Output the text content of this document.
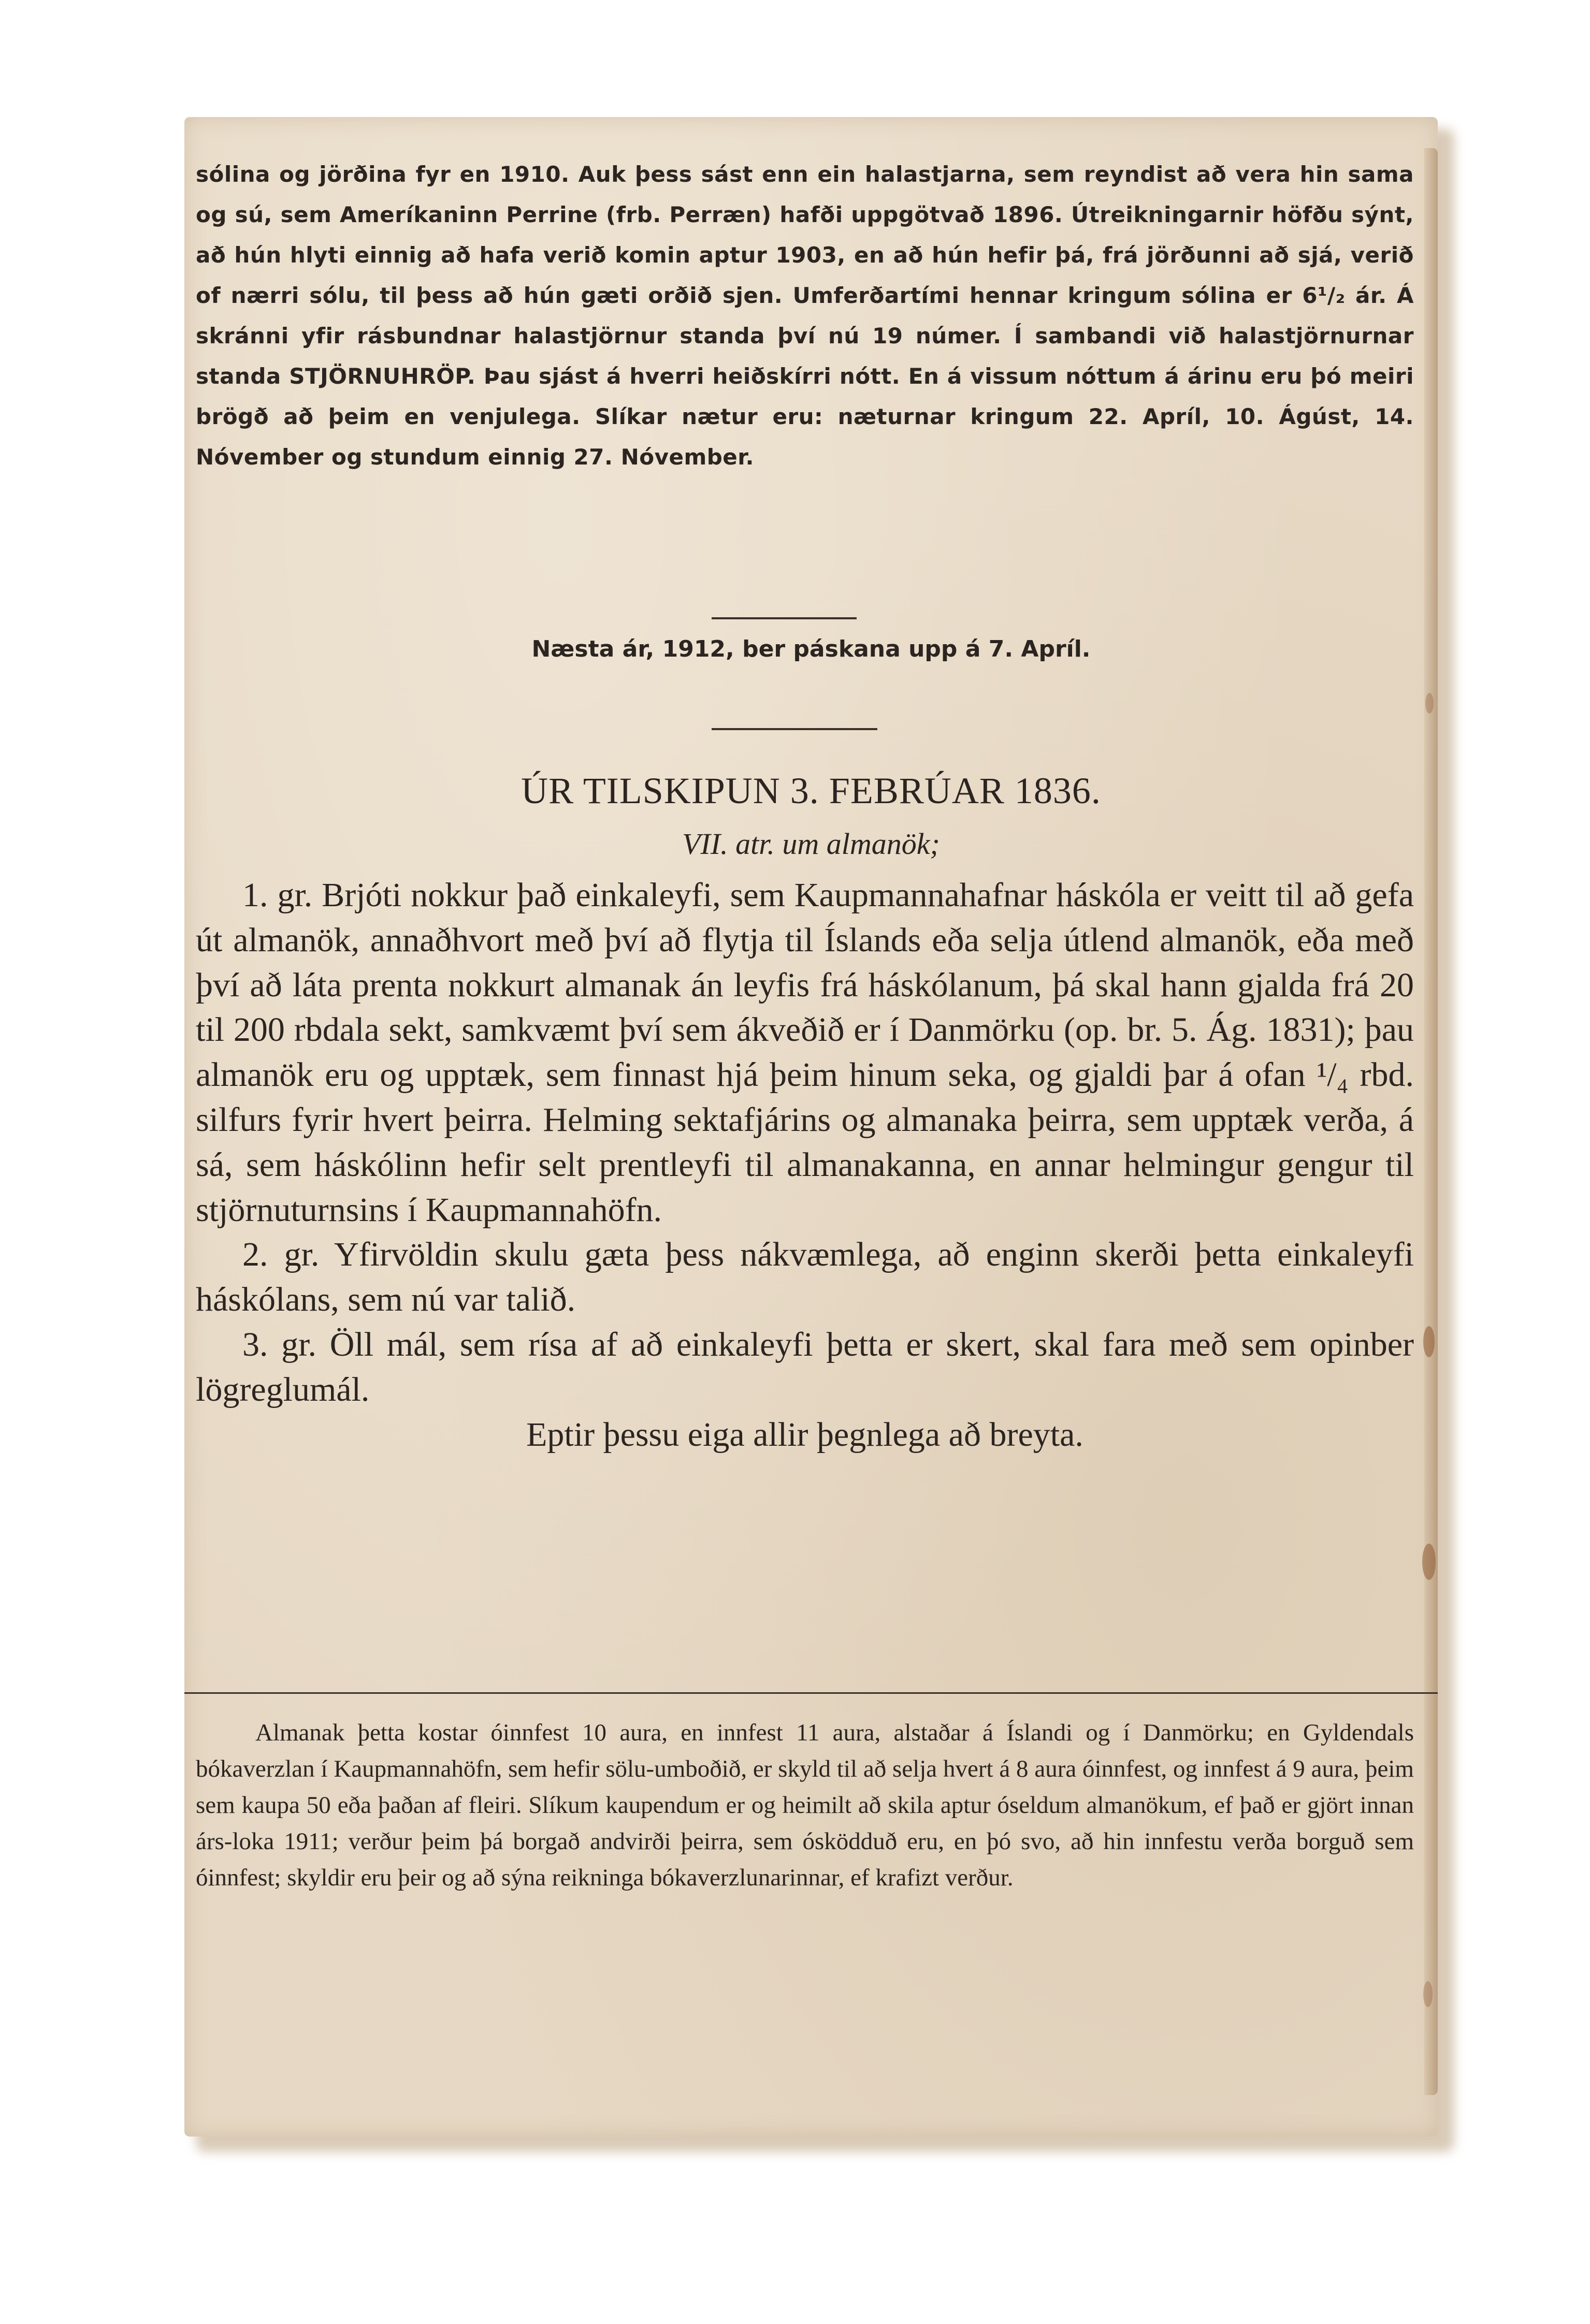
sólina og jörðina fyr en 1910. Auk þess sást enn ein halastjarna, sem reyndist að vera hin sama og sú, sem Ameríkaninn Perrine (frb. Perræn) hafði uppgötvað 1896. Útreikningarnir höfðu sýnt, að hún hlyti einnig að hafa verið komin aptur 1903, en að hún hefir þá, frá jörðunni að sjá, verið of nærri sólu, til þess að hún gæti orðið sjen. Umferðartími hennar kringum sólina er 6¹/₂ ár. Á skránni yfir rásbundnar halastjörnur standa því nú 19 númer. Í sambandi við halastjörnurnar standa STJÖRNUHRÖP. Þau sjást á hverri heiðskírri nótt. En á vissum nóttum á árinu eru þó meiri brögð að þeim en venjulega. Slíkar nætur eru: næturnar kringum 22. Apríl, 10. Ágúst, 14. Nóvember og stundum einnig 27. Nóvember.

Næsta ár, 1912, ber páskana upp á 7. Apríl.
ÚR TILSKIPUN 3. FEBRÚAR 1836.
VII. atr. um almanök;

1. gr. Brjóti nokkur það einkaleyfi, sem Kaupmannahafnar háskóla er veitt til að gefa út almanök, annaðhvort með því að flytja til Íslands eða selja útlend almanök, eða með því að láta prenta nokkurt almanak án leyfis frá háskólanum, þá skal hann gjalda frá 20 til 200 rbdala sekt, samkvæmt því sem ákveðið er í Danmörku (op. br. 5. Ág. 1831); þau almanök eru og upptæk, sem finnast hjá þeim hinum seka, og gjaldi þar á ofan ¹/₄ rbd. silfurs fyrir hvert þeirra. Helming sektafjárins og almanaka þeirra, sem upptæk verða, á sá, sem háskólinn hefir selt prentleyfi til almanakanna, en annar helmingur gengur til stjörnuturnsins í Kaupmannahöfn.

2. gr. Yfirvöldin skulu gæta þess nákvæmlega, að enginn skerði þetta einkaleyfi háskólans, sem nú var talið.

3. gr. Öll mál, sem rísa af að einkaleyfi þetta er skert, skal fara með sem opinber lögreglumál.

Eptir þessu eiga allir þegnlega að breyta.

Almanak þetta kostar óinnfest 10 aura, en innfest 11 aura, alstaðar á Íslandi og í Danmörku; en Gyldendals bókaverzlan í Kaupmannahöfn, sem hefir sölu-umboðið, er skyld til að selja hvert á 8 aura óinnfest, og innfest á 9 aura, þeim sem kaupa 50 eða þaðan af fleiri. Slíkum kaupendum er og heimilt að skila aptur óseldum almanökum, ef það er gjört innan árs-loka 1911; verður þeim þá borgað andvirði þeirra, sem ósködduð eru, en þó svo, að hin innfestu verða borguð sem óinnfest; skyldir eru þeir og að sýna reikninga bókaverzlunarinnar, ef krafizt verður.
